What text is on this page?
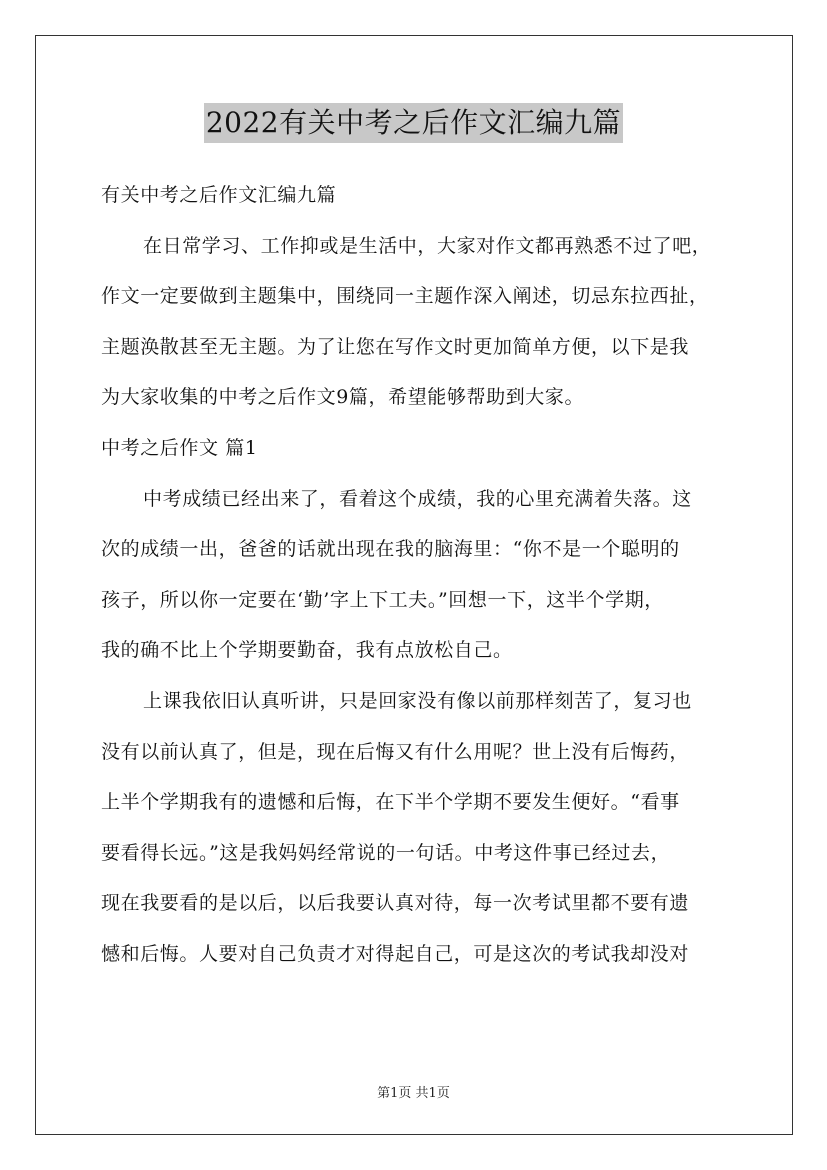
2022有关中考之后作文汇编九篇
有关中考之后作文汇编九篇
在日常学习、工作抑或是生活中，大家对作文都再熟悉不过了吧，
作文一定要做到主题集中，围绕同一主题作深入阐述，切忌东拉西扯，
主题涣散甚至无主题。为了让您在写作文时更加简单方便，以下是我
为大家收集的中考之后作文9篇，希望能够帮助到大家。
中考之后作文 篇1
中考成绩已经出来了，看着这个成绩，我的心里充满着失落。这
次的成绩一出，爸爸的话就出现在我的脑海里：“你不是一个聪明的
孩子，所以你一定要在‘勤’字上下工夫。”回想一下，这半个学期，
我的确不比上个学期要勤奋，我有点放松自己。
上课我依旧认真听讲，只是回家没有像以前那样刻苦了，复习也
没有以前认真了，但是，现在后悔又有什么用呢？世上没有后悔药，
上半个学期我有的遗憾和后悔，在下半个学期不要发生便好。“看事
要看得长远。”这是我妈妈经常说的一句话。中考这件事已经过去，
现在我要看的是以后，以后我要认真对待，每一次考试里都不要有遗
憾和后悔。人要对自己负责才对得起自己，可是这次的考试我却没对
第1页 共1页
